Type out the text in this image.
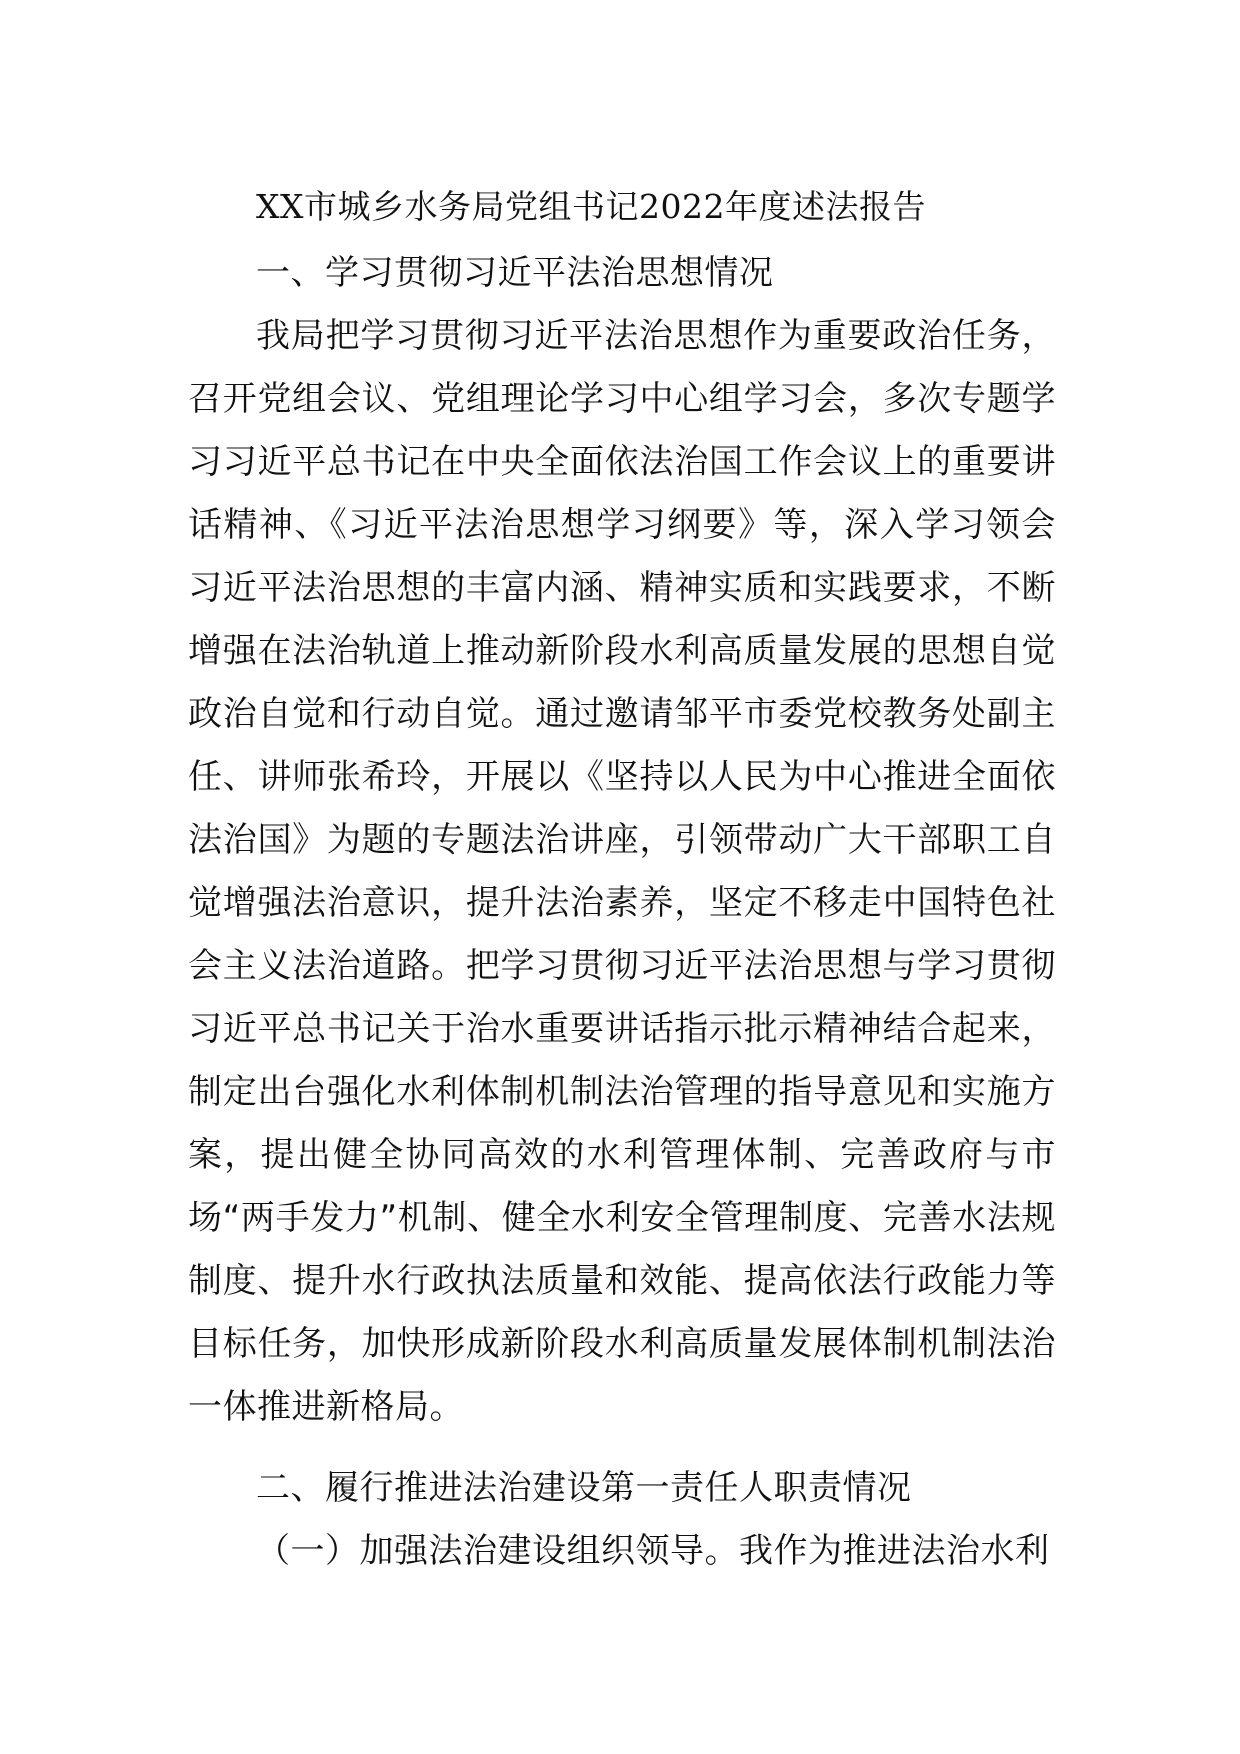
XX市城乡水务局党组书记2022年度述法报告
一、学习贯彻习近平法治思想情况

我局把学习贯彻习近平法治思想作为重要政治任务，召开党组会议、党组理论学习中心组学习会，多次专题学习习近平总书记在中央全面依法治国工作会议上的重要讲话精神、《习近平法治思想学习纲要》等，深入学习领会习近平法治思想的丰富内涵、精神实质和实践要求，不断增强在法治轨道上推动新阶段水利高质量发展的思想自觉政治自觉和行动自觉。通过邀请邹平市委党校教务处副主任、讲师张希玲，开展以《坚持以人民为中心推进全面依法治国》为题的专题法治讲座，引领带动广大干部职工自觉增强法治意识，提升法治素养，坚定不移走中国特色社会主义法治道路。把学习贯彻习近平法治思想与学习贯彻习近平总书记关于治水重要讲话指示批示精神结合起来，制定出台强化水利体制机制法治管理的指导意见和实施方案，提出健全协同高效的水利管理体制、完善政府与市场“两手发力”机制、健全水利安全管理制度、完善水法规制度、提升水行政执法质量和效能、提高依法行政能力等目标任务，加快形成新阶段水利高质量发展体制机制法治一体推进新格局。

二、履行推进法治建设第一责任人职责情况

（一）加强法治建设组织领导。我作为推进法治水利
